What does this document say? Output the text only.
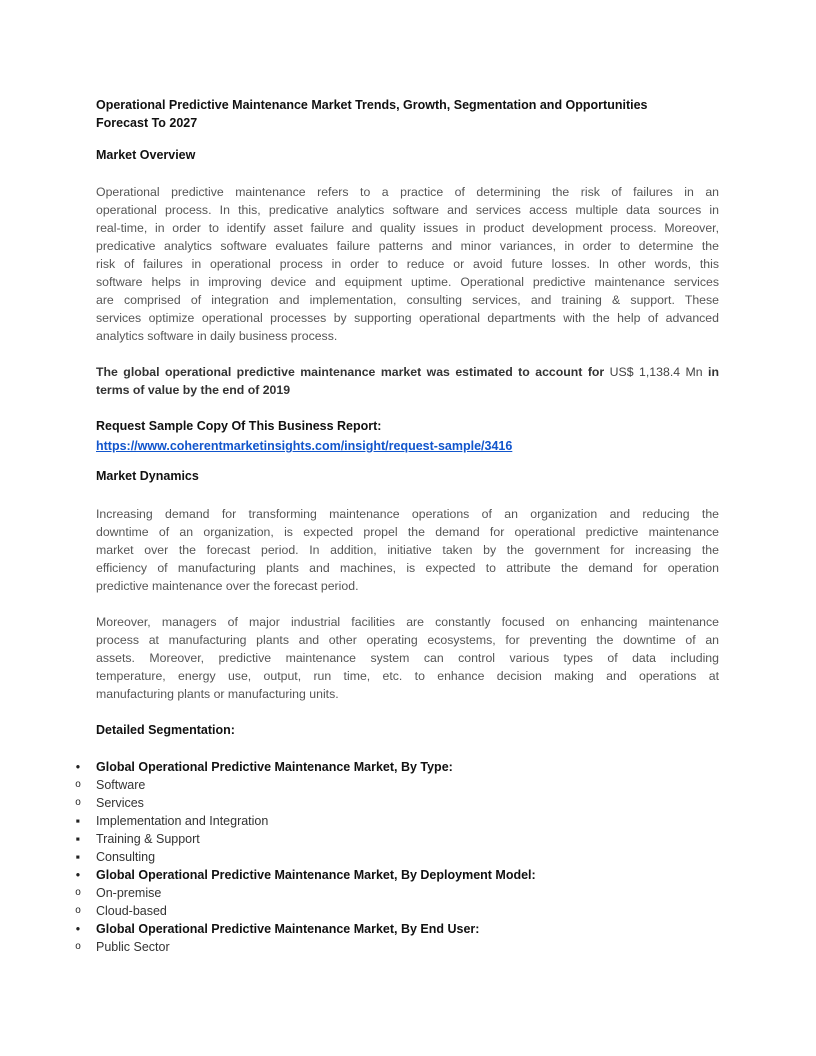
Operational Predictive Maintenance Market Trends, Growth, Segmentation and Opportunities
Forecast To 2027
Market Overview
Operational predictive maintenance refers to a practice of determining the risk of failures in an
operational process. In this, predicative analytics software and services access multiple data sources in
real-time, in order to identify asset failure and quality issues in product development process. Moreover,
predicative analytics software evaluates failure patterns and minor variances, in order to determine the
risk of failures in operational process in order to reduce or avoid future losses. In other words, this
software helps in improving device and equipment uptime. Operational predictive maintenance services
are comprised of integration and implementation, consulting services, and training & support. These
services optimize operational processes by supporting operational departments with the help of advanced
analytics software in daily business process.
The global operational predictive maintenance market was estimated to account for US$ 1,138.4 Mn in
terms of value by the end of 2019
Request Sample Copy Of This Business Report:
https://www.coherentmarketinsights.com/insight/request-sample/3416
Market Dynamics
Increasing demand for transforming maintenance operations of an organization and reducing the
downtime of an organization, is expected propel the demand for operational predictive maintenance
market over the forecast period. In addition, initiative taken by the government for increasing the
efficiency of manufacturing plants and machines, is expected to attribute the demand for operation
predictive maintenance over the forecast period.
Moreover, managers of major industrial facilities are constantly focused on enhancing maintenance
process at manufacturing plants and other operating ecosystems, for preventing the downtime of an
assets. Moreover, predictive maintenance system can control various types of data including
temperature, energy use, output, run time, etc. to enhance decision making and operations at
manufacturing plants or manufacturing units.
Detailed Segmentation:
•	Global Operational Predictive Maintenance Market, By Type:
o Software
o Services
▪	Implementation and Integration
▪	Training & Support
▪	Consulting
•	Global Operational Predictive Maintenance Market, By Deployment Model:
o On-premise
o Cloud-based
•	Global Operational Predictive Maintenance Market, By End User:
o Public Sector
